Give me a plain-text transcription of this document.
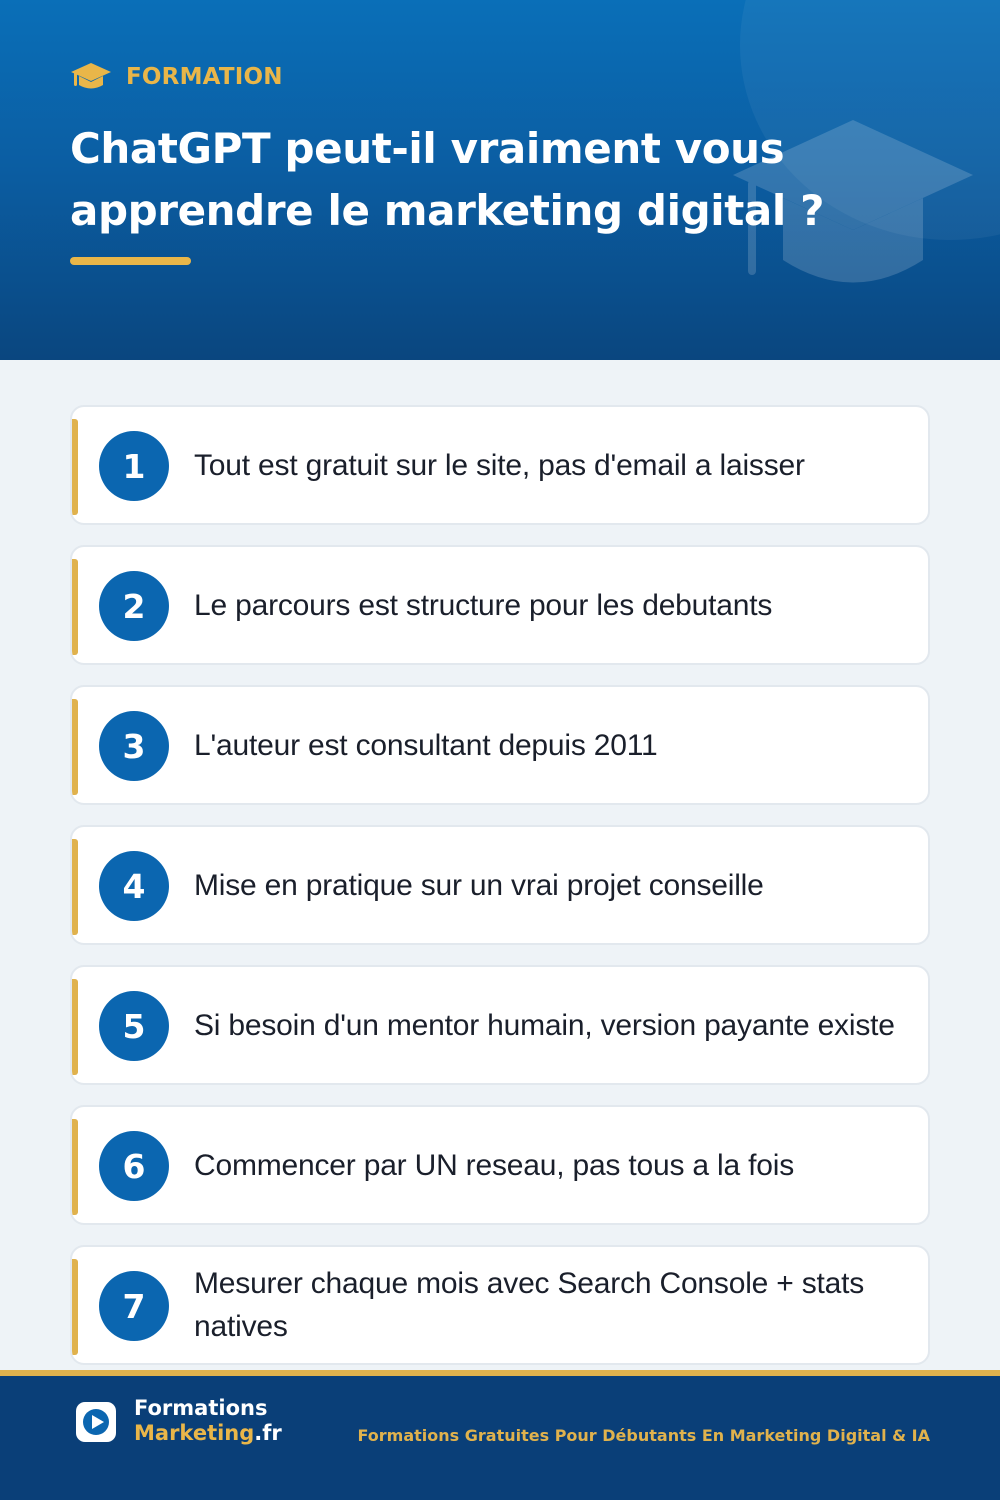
FORMATION
ChatGPT peut-il vraiment vous apprendre le marketing digital ?
1	Tout est gratuit sur le site, pas d'email a laisser
2	Le parcours est structure pour les debutants
3	L'auteur est consultant depuis 2011
4	Mise en pratique sur un vrai projet conseille
5	Si besoin d'un mentor humain, version payante existe
6	Commencer par UN reseau, pas tous a la fois
7
Mesurer chaque mois avec Search Console + stats natives
Formations
Marketing.fr	Formations Gratuites Pour Débutants En Marketing Digital & IA
